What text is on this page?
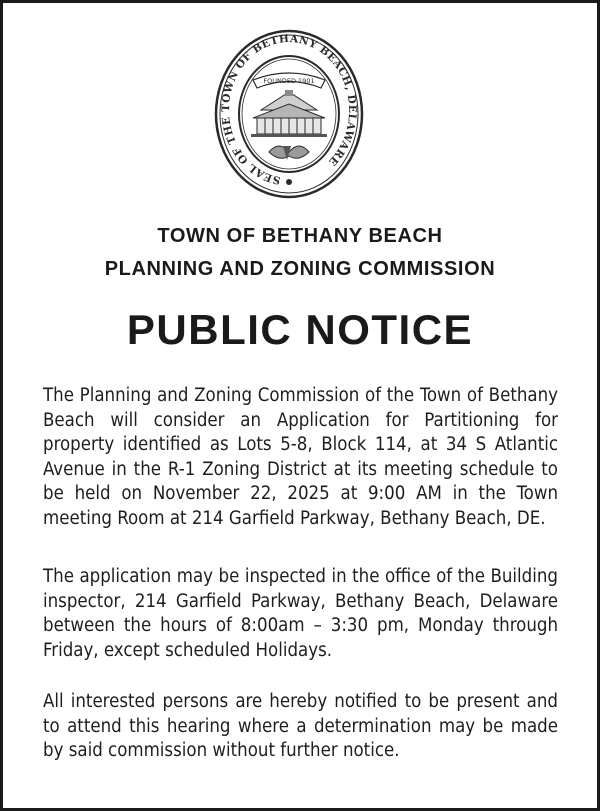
SEAL OF THE TOWN OF BETHANY BEACH, DELAWARE
FOUNDED 1901
TOWN OF BETHANY BEACH
PLANNING AND ZONING COMMISSION
PUBLIC NOTICE
The Planning and Zoning Commission of the Town of Bethany Beach will consider an Application for Partitioning for property identified as Lots 5-8, Block 114, at 34 S Atlantic Avenue in the R-1 Zoning District at its meeting schedule to be held on November 22, 2025 at 9:00 AM in the Town meeting Room at 214 Garfield Parkway, Bethany Beach, DE.
The application may be inspected in the office of the Building inspector, 214 Garfield Parkway, Bethany Beach, Delaware between the hours of 8:00am – 3:30 pm, Monday through Friday, except scheduled Holidays.
All interested persons are hereby notified to be present and to attend this hearing where a determination may be made by said commission without further notice.
